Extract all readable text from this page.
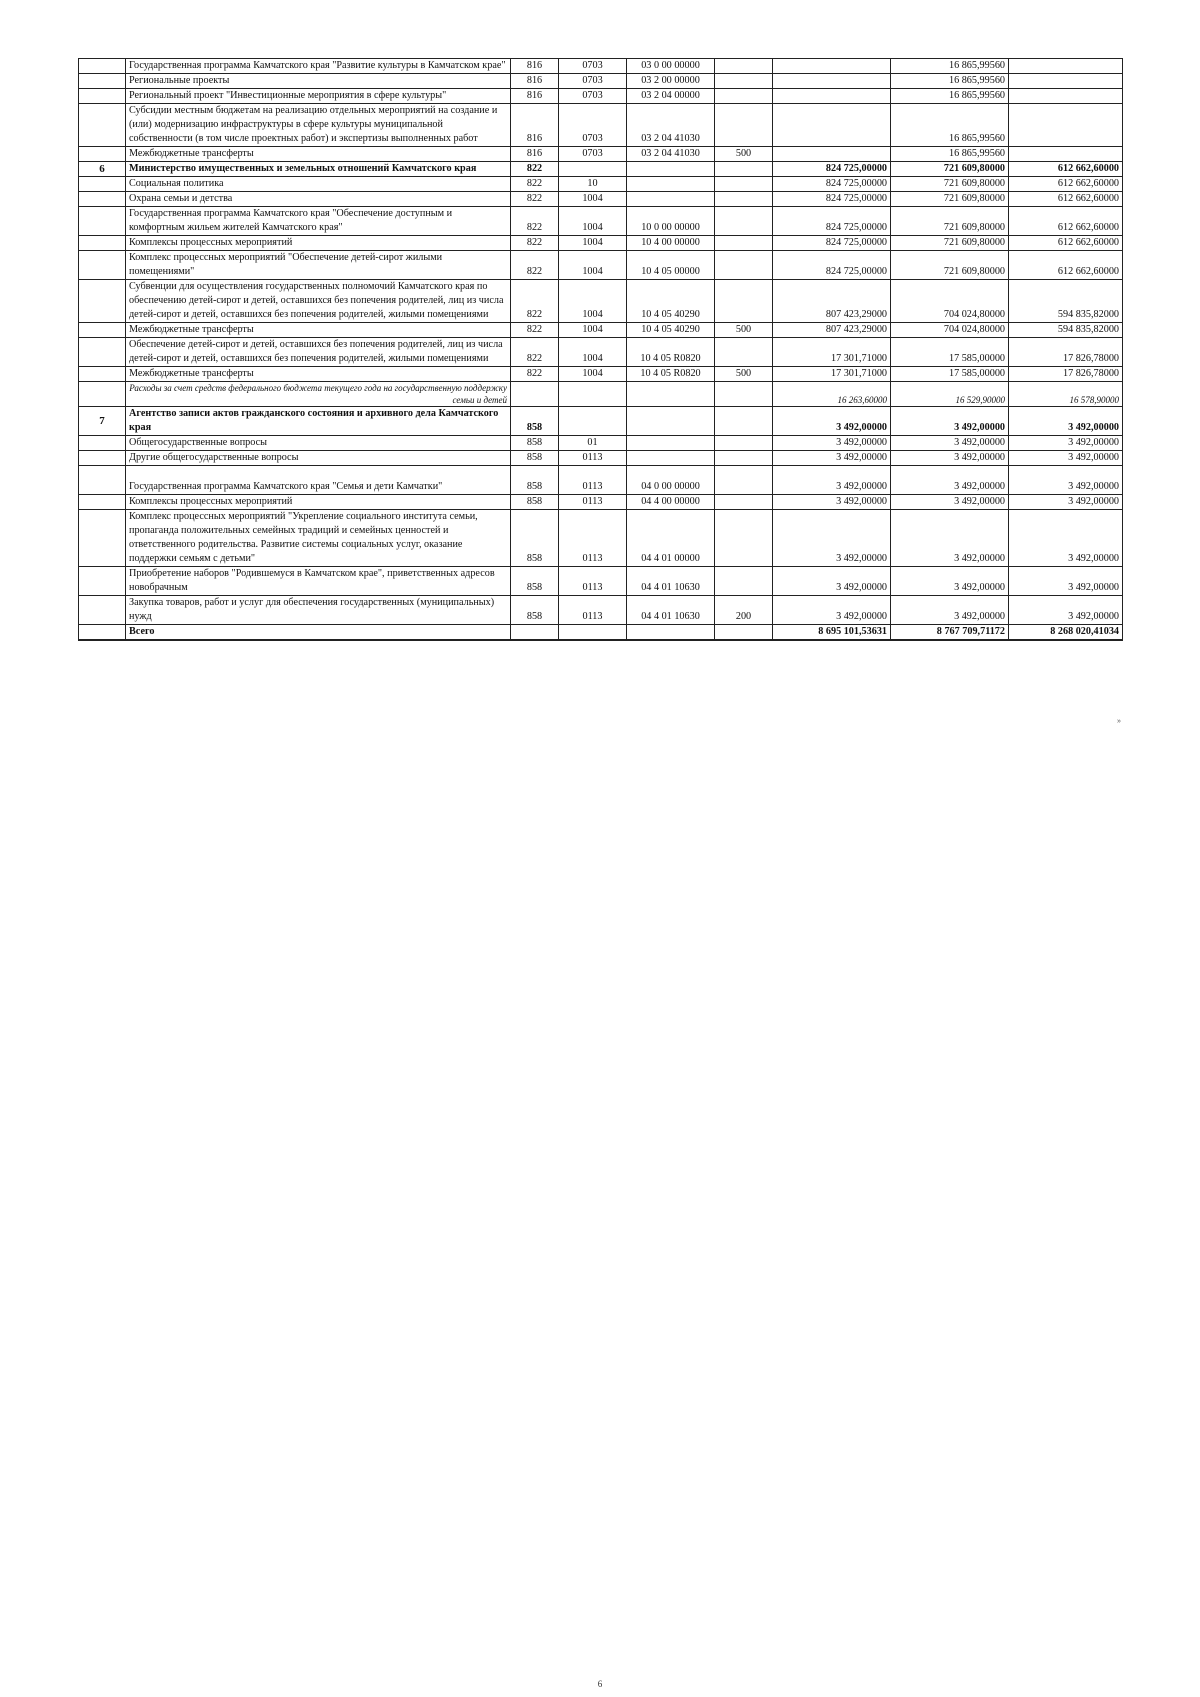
	Государственная программа Камчатского края "Развитие культуры в Камчатском крае"	816	0703	03 0 00 00000			16 865,99560	
	Региональные проекты	816	0703	03 2 00 00000			16 865,99560	
	Региональный проект "Инвестиционные мероприятия в сфере культуры"	816	0703	03 2 04 00000			16 865,99560	
	Субсидии местным бюджетам на реализацию отдельных мероприятий на создание и (или) модернизацию инфраструктуры в сфере культуры муниципальной собственности (в том числе проектных работ) и экспертизы выполненных работ	816	0703	03 2 04 41030			16 865,99560	
	Межбюджетные трансферты	816	0703	03 2 04 41030	500		16 865,99560	
6	Министерство имущественных и земельных отношений Камчатского края	822				824 725,00000	721 609,80000	612 662,60000
	Социальная политика	822	10			824 725,00000	721 609,80000	612 662,60000
	Охрана семьи и детства	822	1004			824 725,00000	721 609,80000	612 662,60000
	Государственная программа Камчатского края "Обеспечение доступным и комфортным жильем жителей Камчатского края"	822	1004	10 0 00 00000		824 725,00000	721 609,80000	612 662,60000
	Комплексы процессных мероприятий	822	1004	10 4 00 00000		824 725,00000	721 609,80000	612 662,60000
	Комплекс процессных мероприятий "Обеспечение детей-сирот жилыми помещениями"	822	1004	10 4 05 00000		824 725,00000	721 609,80000	612 662,60000
	Субвенции для осуществления государственных полномочий Камчатского края по обеспечению детей-сирот и детей, оставшихся без попечения родителей, лиц из числа детей-сирот и детей, оставшихся без попечения родителей, жилыми помещениями	822	1004	10 4 05 40290		807 423,29000	704 024,80000	594 835,82000
	Межбюджетные трансферты	822	1004	10 4 05 40290	500	807 423,29000	704 024,80000	594 835,82000
	Обеспечение детей-сирот и детей, оставшихся без попечения родителей, лиц из числа детей-сирот и детей, оставшихся без попечения родителей, жилыми помещениями	822	1004	10 4 05 R0820		17 301,71000	17 585,00000	17 826,78000
	Межбюджетные трансферты	822	1004	10 4 05 R0820	500	17 301,71000	17 585,00000	17 826,78000
	Расходы за счет средств федерального бюджета текущего года на государственную поддержку семьи и детей					16 263,60000	16 529,90000	16 578,90000
7	Агентство записи актов гражданского состояния и архивного дела Камчатского края	858				3 492,00000	3 492,00000	3 492,00000
	Общегосударственные вопросы	858	01			3 492,00000	3 492,00000	3 492,00000
	Другие общегосударственные вопросы	858	0113			3 492,00000	3 492,00000	3 492,00000
	Государственная программа Камчатского края "Семья и дети Камчатки"	858	0113	04 0 00 00000		3 492,00000	3 492,00000	3 492,00000
	Комплексы процессных мероприятий	858	0113	04 4 00 00000		3 492,00000	3 492,00000	3 492,00000
	Комплекс процессных мероприятий "Укрепление социального института семьи, пропаганда положительных семейных традиций и семейных ценностей и ответственного родительства. Развитие системы социальных услуг, оказание поддержки семьям с детьми"	858	0113	04 4 01 00000		3 492,00000	3 492,00000	3 492,00000
	Приобретение наборов "Родившемуся в Камчатском крае", приветственных адресов новобрачным	858	0113	04 4 01 10630		3 492,00000	3 492,00000	3 492,00000
	Закупка товаров, работ и услуг для обеспечения государственных (муниципальных) нужд	858	0113	04 4 01 10630	200	3 492,00000	3 492,00000	3 492,00000
	Всего					8 695 101,53631	8 767 709,71172	8 268 020,41034
»
6
